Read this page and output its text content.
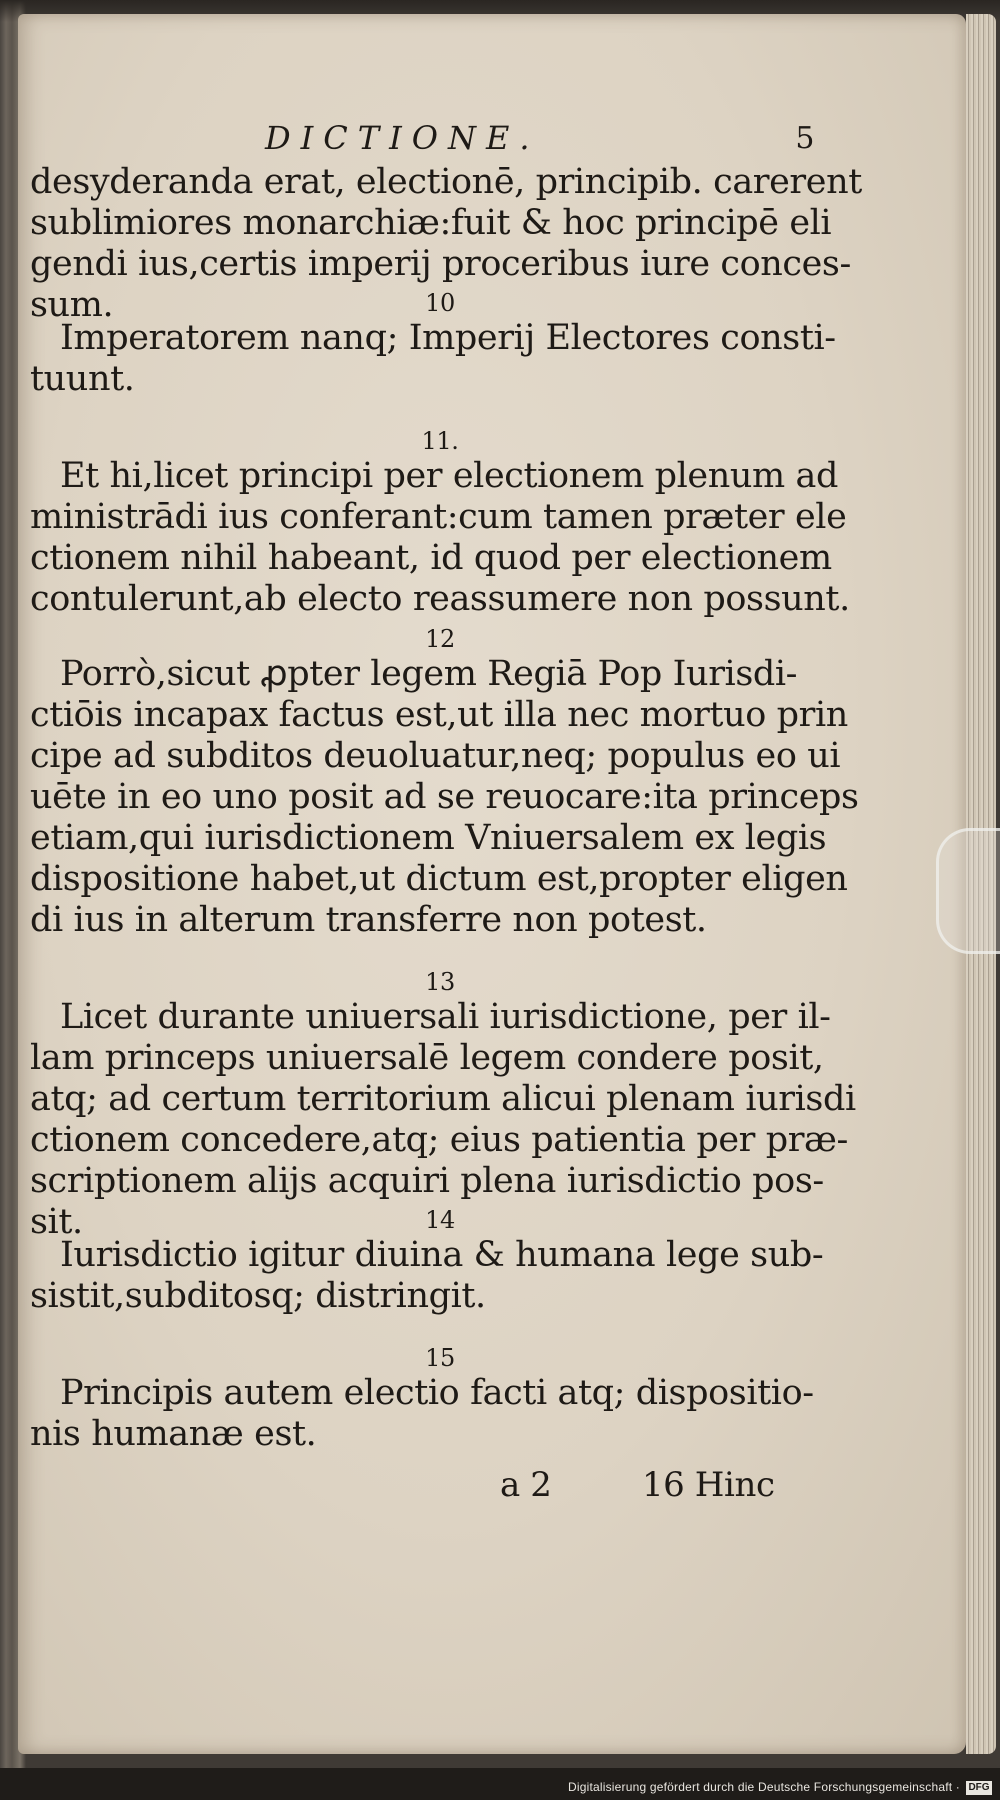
DICTIONE.	5
desyderanda erat, electionē, principib. carerent
sublimiores monarchiæ:fuit & hoc principē eli
gendi ius,certis imperij proceribus iure conces-
sum.	10
Imperatorem nanq; Imperij Electores consti-
tuunt.
11.
Et hi,licet principi per electionem plenum ad
ministrādi ius conferant:cum tamen præter ele
ctionem nihil habeant, id quod per electionem
contulerunt,ab electo reassumere non possunt.
12
Porrò,sicut ꝓpter legem Regiā Pop Iurisdi-
ctiōis incapax factus est,ut illa nec mortuo prin
cipe ad subditos deuoluatur,neq; populus eo ui
uēte in eo uno posit ad se reuocare:ita princeps
etiam,qui iurisdictionem Vniuersalem ex legis
dispositione habet,ut dictum est,propter eligen
di ius in alterum transferre non potest.
13
Licet durante uniuersali iurisdictione, per il-
lam princeps uniuersalē legem condere posit,
atq; ad certum territorium alicui plenam iurisdi
ctionem concedere,atq; eius patientia per præ-
scriptionem alijs acquiri plena iurisdictio pos-
sit.	14
Iurisdictio igitur diuina & humana lege sub-
sistit,subditosq; distringit.
15
Principis autem electio facti atq; dispositio-
nis humanæ est.
a 2	16 Hinc
Digitalisierung gefördert durch die Deutsche Forschungsgemeinschaft · DFG
